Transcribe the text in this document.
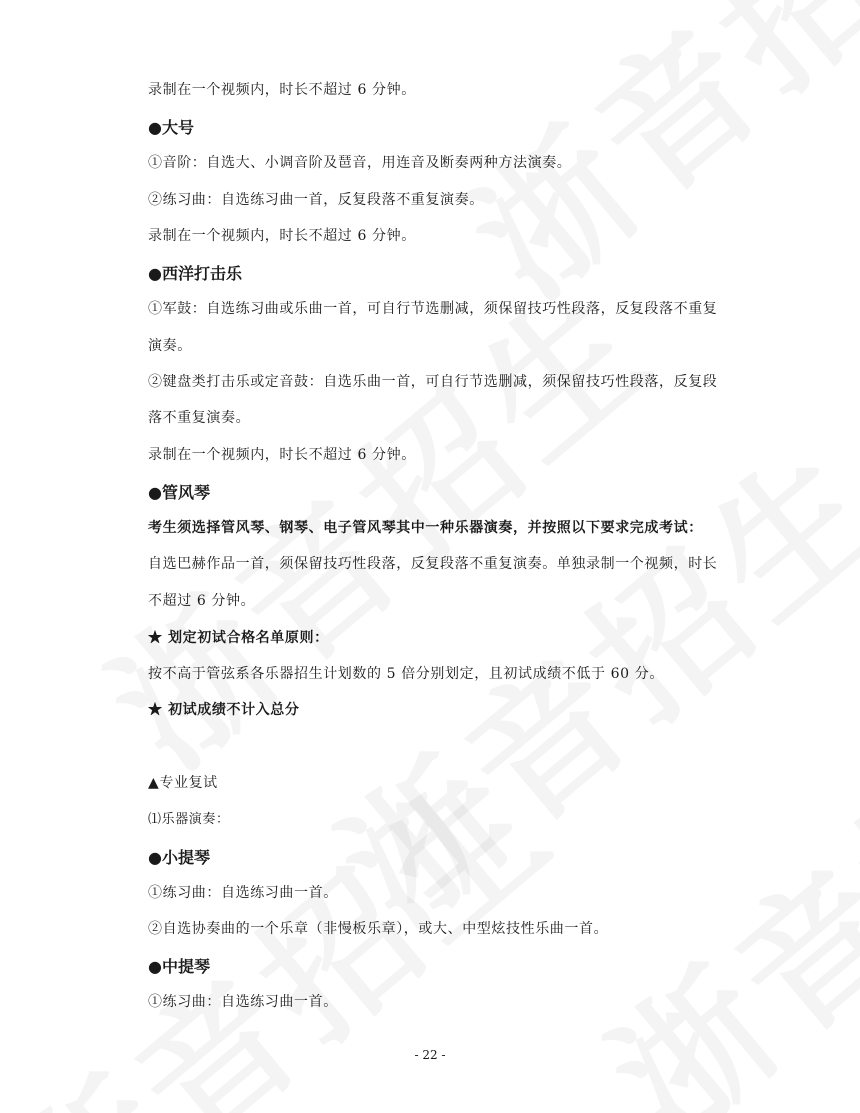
录制在一个视频内，时长不超过 6 分钟。
●大号
①音阶：自选大、小调音阶及琶音，用连音及断奏两种方法演奏。
②练习曲：自选练习曲一首，反复段落不重复演奏。
录制在一个视频内，时长不超过 6 分钟。
●西洋打击乐
①军鼓：自选练习曲或乐曲一首，可自行节选删减，须保留技巧性段落，反复段落不重复
演奏。
②键盘类打击乐或定音鼓：自选乐曲一首，可自行节选删减，须保留技巧性段落，反复段
落不重复演奏。
录制在一个视频内，时长不超过 6 分钟。
●管风琴
考生须选择管风琴、钢琴、电子管风琴其中一种乐器演奏，并按照以下要求完成考试：
自选巴赫作品一首，须保留技巧性段落，反复段落不重复演奏。单独录制一个视频，时长
不超过 6 分钟。
★ 划定初试合格名单原则：
按不高于管弦系各乐器招生计划数的 5 倍分别划定，且初试成绩不低于 60 分。
★ 初试成绩不计入总分
▲专业复试
⑴乐器演奏：
●小提琴
①练习曲：自选练习曲一首。
②自选协奏曲的一个乐章（非慢板乐章），或大、中型炫技性乐曲一首。
●中提琴
①练习曲：自选练习曲一首。
- 22 -
